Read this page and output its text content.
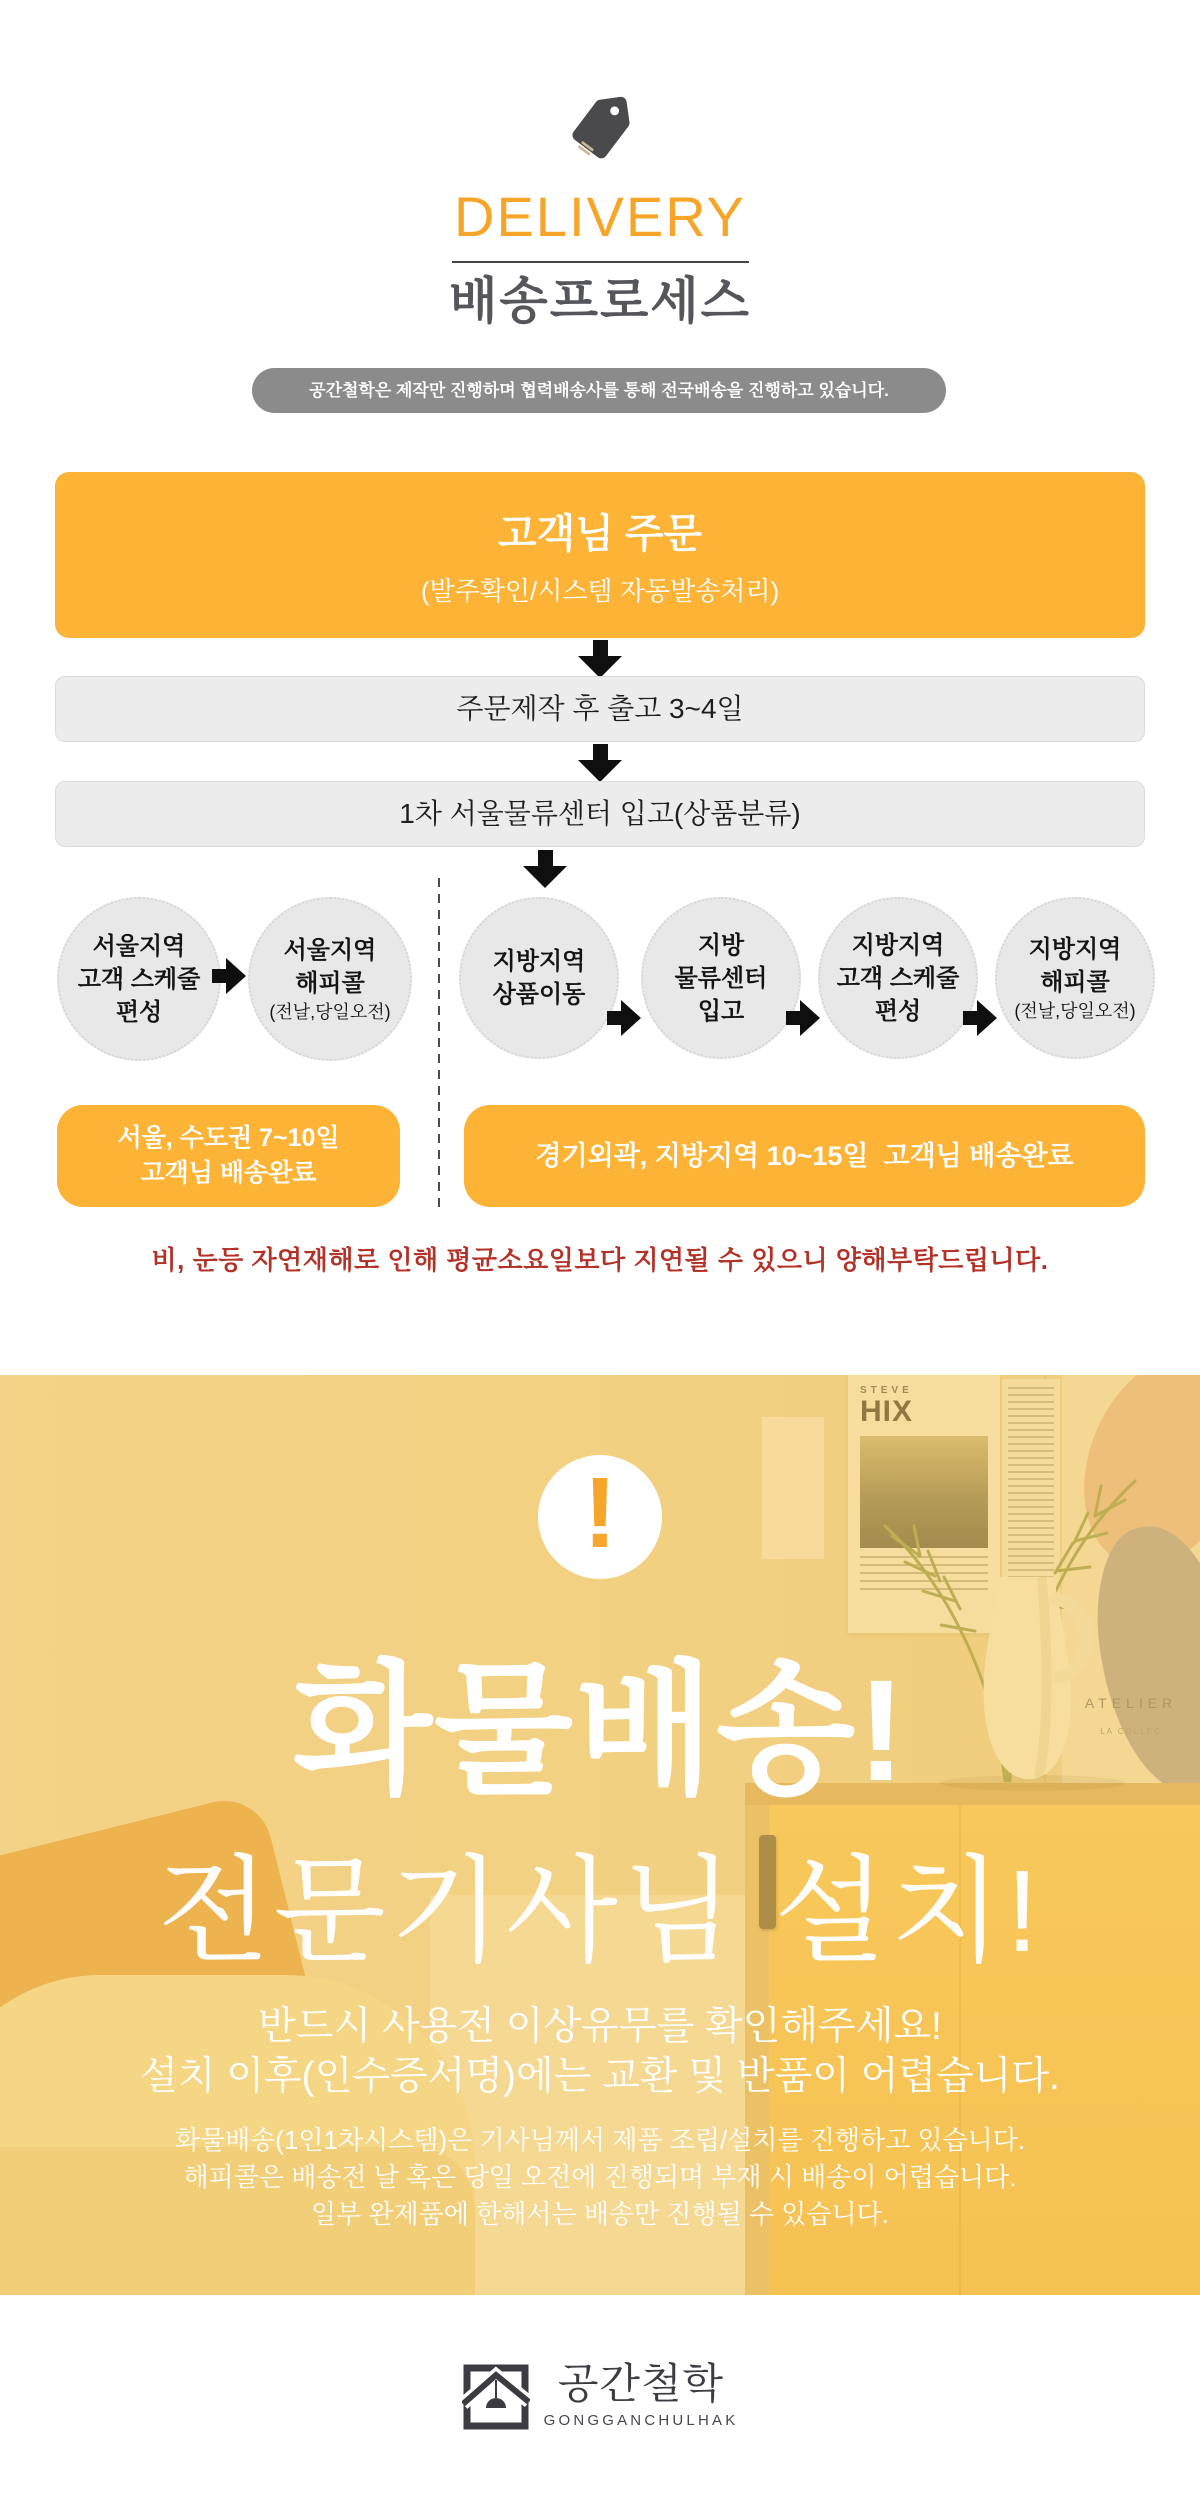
DELIVERY
배송프로세스
공간철학은 제작만 진행하며 협력배송사를 통해 전국배송을 진행하고 있습니다.
고객님 주문
(발주확인/시스템 자동발송처리)
주문제작 후 출고 3~4일
1차 서울물류센터 입고(상품분류)
서울지역
고객 스케줄
편성
서울지역
해피콜
(전날,당일오전)
지방지역
상품이동
지방
물류센터
입고
지방지역
고객 스케줄
편성
지방지역
해피콜
(전날,당일오전)
서울, 수도권 7~10일
고객님 배송완료
경기외곽, 지방지역 10~15일  고객님 배송완료
비, 눈등 자연재해로 인해 평균소요일보다 지연될 수 있으니 양해부탁드립니다.
STEVE
HIX
ATELIER
LA COLLEC
!
화물배송!
전문기사님 설치!
반드시 사용전 이상유무를 확인해주세요!
설치 이후(인수증서명)에는 교환 및 반품이 어렵습니다.
화물배송(1인1차시스템)은 기사님께서 제품 조립/설치를 진행하고 있습니다.
해피콜은 배송전 날 혹은 당일 오전에 진행되며 부재 시 배송이 어렵습니다.
일부 완제품에 한해서는 배송만 진행될 수 있습니다.
공간철학
GONGGANCHULHAK
